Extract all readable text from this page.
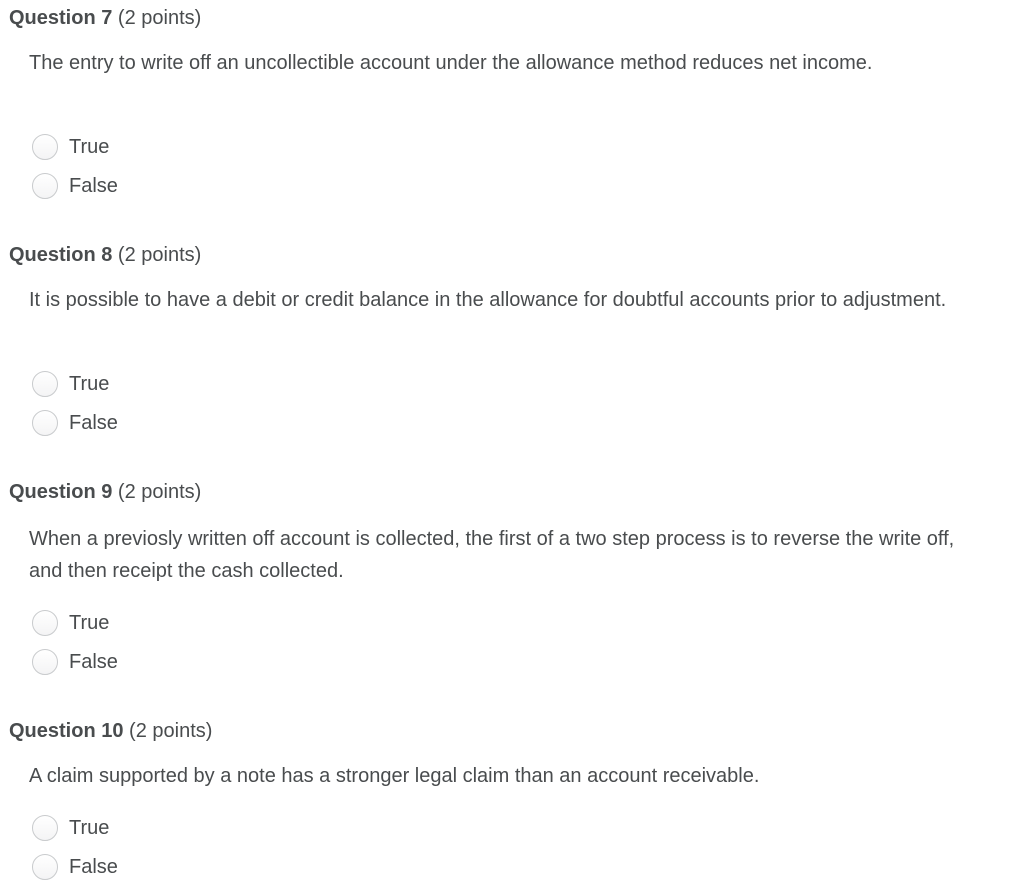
Question 7 (2 points)

The entry to write off an uncollectible account under the allowance method reduces net income.

True
False
Question 8 (2 points)

It is possible to have a debit or credit balance in the allowance for doubtful accounts prior to adjustment.

True
False
Question 9 (2 points)

When a previosly written off account is collected, the first of a two step process is to reverse the write off, and then receipt the cash collected.

True
False
Question 10 (2 points)

A claim supported by a note has a stronger legal claim than an account receivable.

True
False
